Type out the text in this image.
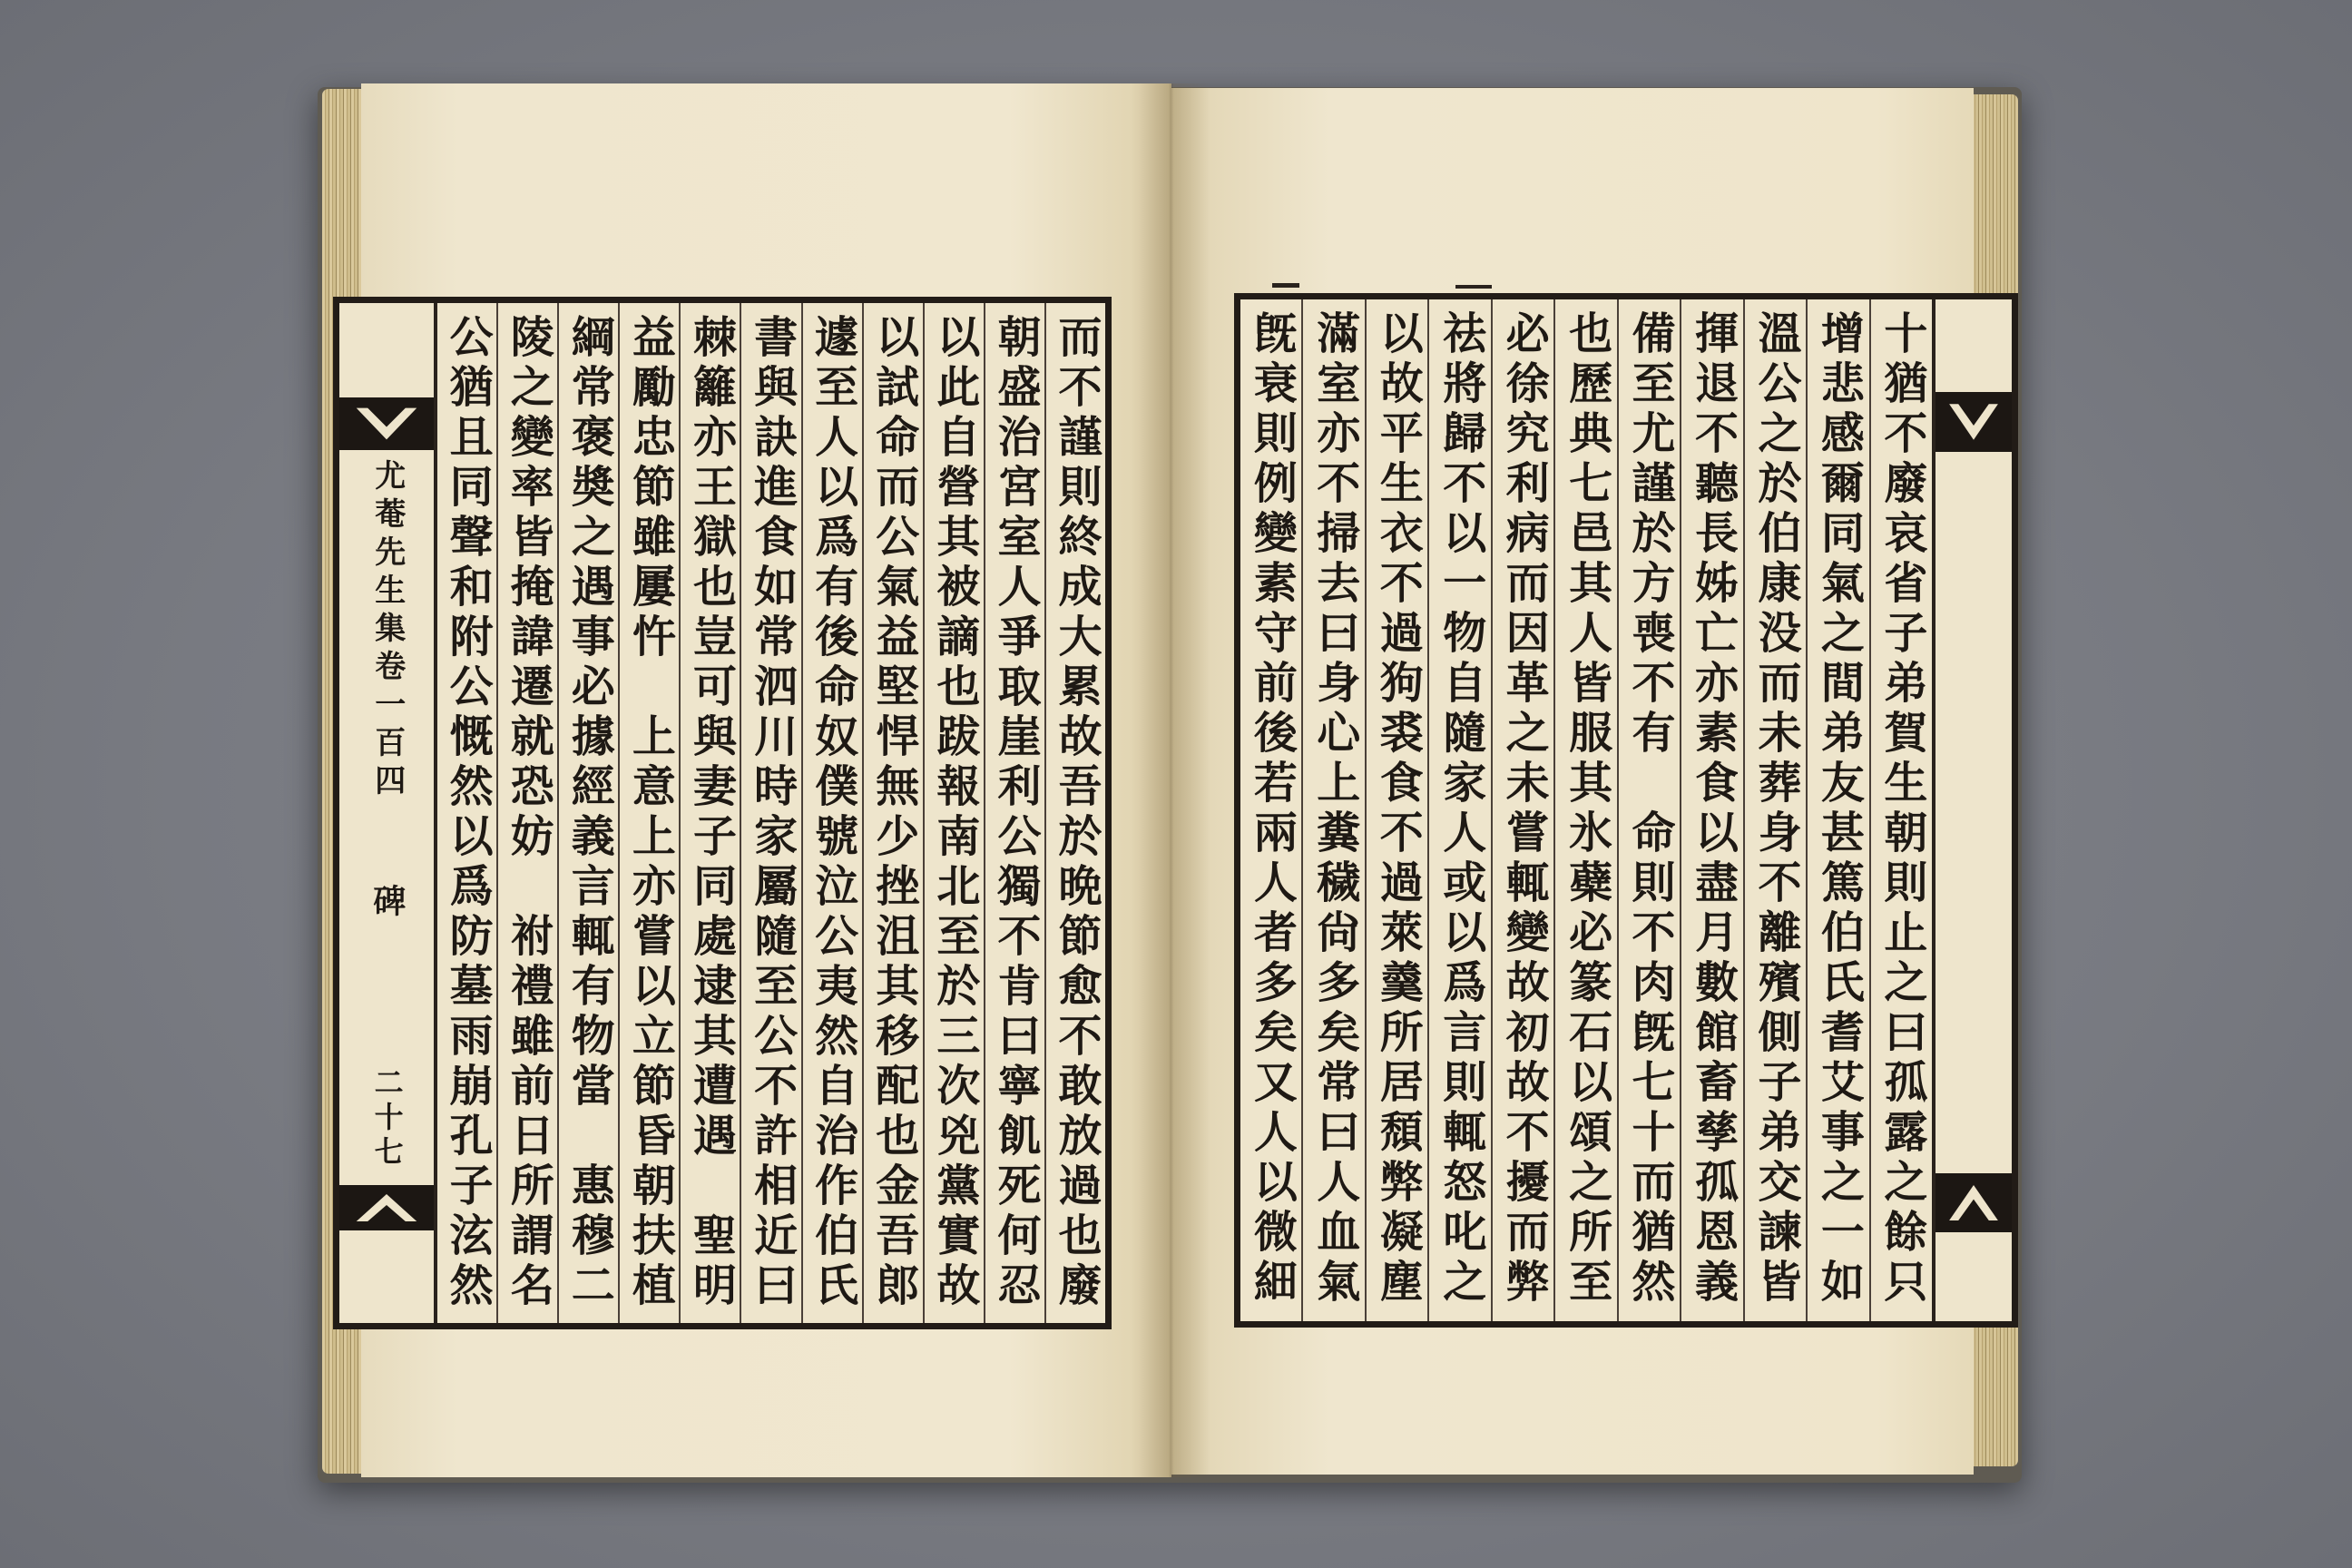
尤菴先生集卷一百四
碑
二十七	而不謹則終成大累故吾於晩節愈不敢放過也廢
朝盛治宮室人爭取崖利公獨不肯曰寧飢死何忍
以此自營其被謫也跋報南北至於三次兇黨實故
以試命而公氣益堅悍無少挫沮其移配也金吾郎
遽至人以爲有後命奴僕號泣公夷然自治作伯氏
書與訣進食如常泗川時家屬隨至公不許相近曰
棘籬亦王獄也豈可與妻子同處逮其遭遇　聖明
益勵忠節雖屢忤　上意上亦嘗以立節昏朝扶植
綱常褒奬之遇事必據經義言輒有物當　惠穆二
陵之變率皆掩諱遷就恐妨　祔禮雖前日所謂名
公猶且同聲和附公慨然以爲防墓雨崩孔子泫然	十猶不廢哀省子弟賀生朝則止之曰孤露之餘只
增悲感爾同氣之間弟友甚篤伯氏耆艾事之一如
溫公之於伯康没而未葬身不離殯側子弟交諫皆
揮退不聽長姊亡亦素食以盡月數館畜孳孤恩義
備至尤謹於方喪不有　命則不肉旣七十而猶然
也歷典七邑其人皆服其氷蘗必篆石以頌之所至
必徐究利病而因革之未嘗輒變故初故不擾而弊
祛將歸不以一物自隨家人或以爲言則輒怒叱之
以故平生衣不過狗裘食不過萊羹所居頹弊凝塵
滿室亦不掃去曰身心上糞穢尙多矣常曰人血氣
旣衰則例變素守前後若兩人者多矣又人以微細
